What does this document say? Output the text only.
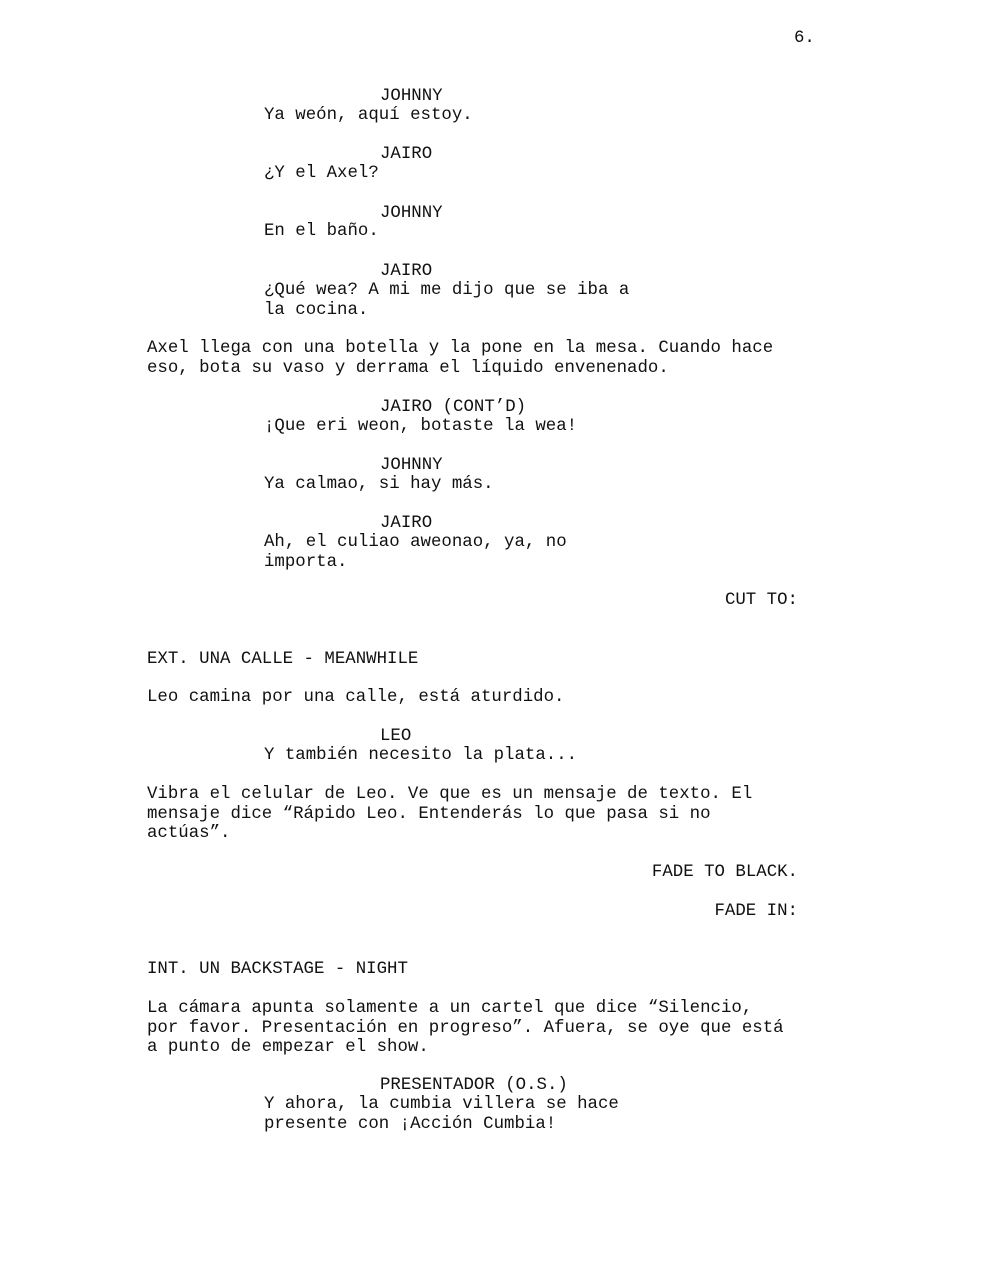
6.
JOHNNY
Ya weón, aquí estoy.
JAIRO
¿Y el Axel?
JOHNNY
En el baño.
JAIRO
¿Qué wea? A mi me dijo que se iba a
la cocina.
Axel llega con una botella y la pone en la mesa. Cuando hace
eso, bota su vaso y derrama el líquido envenenado.
JAIRO (CONT’D)
¡Que eri weon, botaste la wea!
JOHNNY
Ya calmao, si hay más.
JAIRO
Ah, el culiao aweonao, ya, no
importa.
CUT TO:
EXT. UNA CALLE - MEANWHILE
Leo camina por una calle, está aturdido.
LEO
Y también necesito la plata...
Vibra el celular de Leo. Ve que es un mensaje de texto. El
mensaje dice “Rápido Leo. Entenderás lo que pasa si no
actúas”.
FADE TO BLACK.
FADE IN:
INT. UN BACKSTAGE - NIGHT
La cámara apunta solamente a un cartel que dice “Silencio,
por favor. Presentación en progreso”. Afuera, se oye que está
a punto de empezar el show.
PRESENTADOR (O.S.)
Y ahora, la cumbia villera se hace
presente con ¡Acción Cumbia!
